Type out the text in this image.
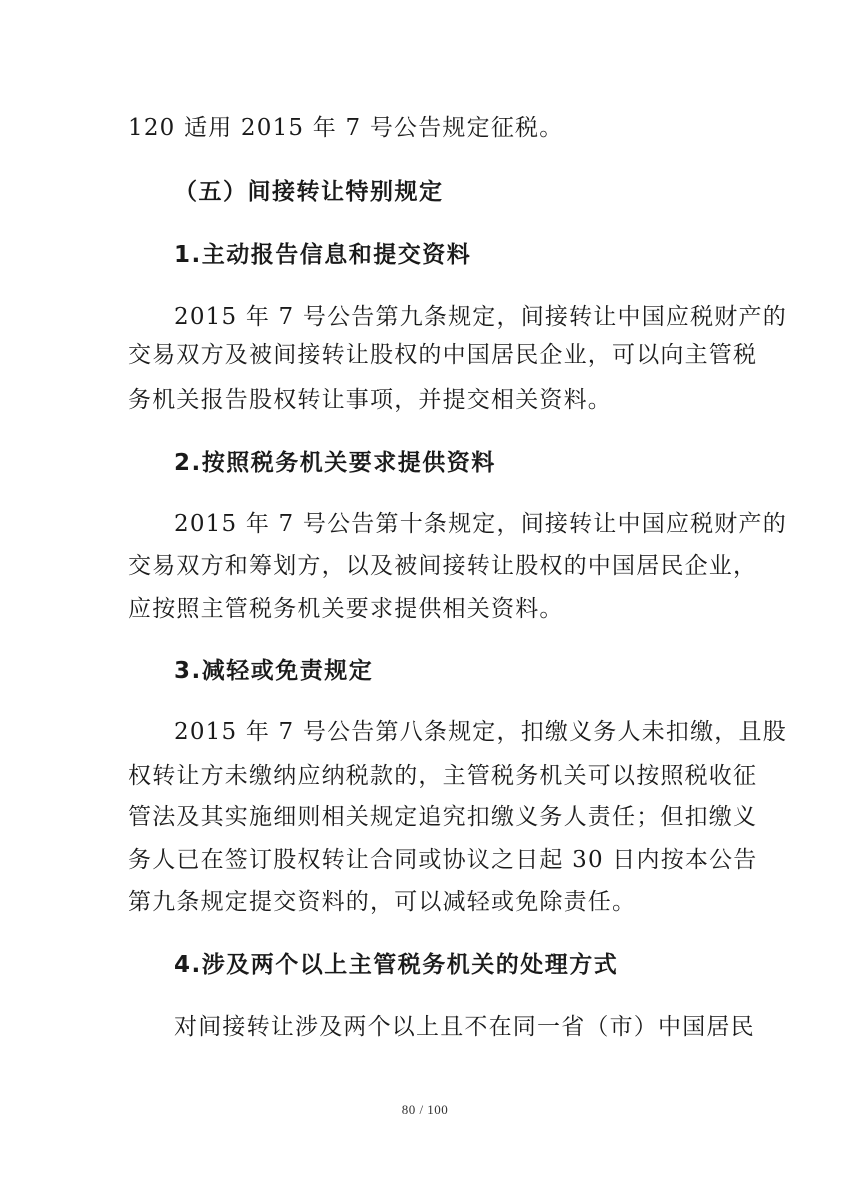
120 适用 2015 年 7 号公告规定征税。
（五）间接转让特别规定
1.主动报告信息和提交资料
2015 年 7 号公告第九条规定，间接转让中国应税财产的
交易双方及被间接转让股权的中国居民企业，可以向主管税
务机关报告股权转让事项，并提交相关资料。
2.按照税务机关要求提供资料
2015 年 7 号公告第十条规定，间接转让中国应税财产的
交易双方和筹划方，以及被间接转让股权的中国居民企业，
应按照主管税务机关要求提供相关资料。
3.减轻或免责规定
2015 年 7 号公告第八条规定，扣缴义务人未扣缴，且股
权转让方未缴纳应纳税款的，主管税务机关可以按照税收征
管法及其实施细则相关规定追究扣缴义务人责任；但扣缴义
务人已在签订股权转让合同或协议之日起 30 日内按本公告
第九条规定提交资料的，可以减轻或免除责任。
4.涉及两个以上主管税务机关的处理方式
对间接转让涉及两个以上且不在同一省（市）中国居民
80 / 100
